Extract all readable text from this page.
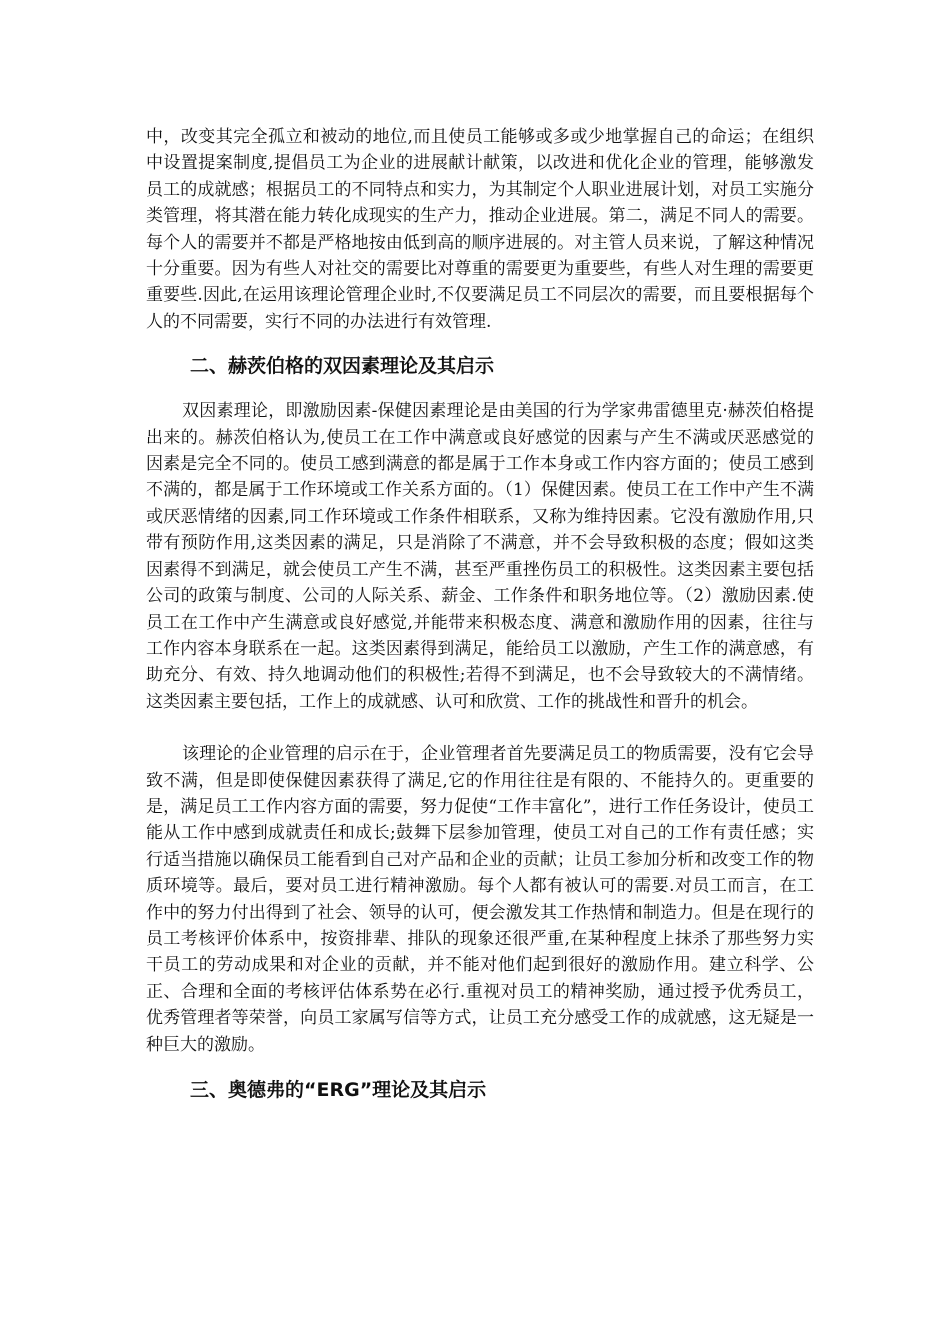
中，改变其完全孤立和被动的地位,而且使员工能够或多或少地掌握自己的命运；在组织中设置提案制度,提倡员工为企业的进展献计献策，以改进和优化企业的管理，能够激发员工的成就感；根据员工的不同特点和实力，为其制定个人职业进展计划，对员工实施分类管理，将其潜在能力转化成现实的生产力，推动企业进展。第二，满足不同人的需要。每个人的需要并不都是严格地按由低到高的顺序进展的。对主管人员来说，了解这种情况十分重要。因为有些人对社交的需要比对尊重的需要更为重要些，有些人对生理的需要更重要些.因此,在运用该理论管理企业时,不仅要满足员工不同层次的需要，而且要根据每个人的不同需要，实行不同的办法进行有效管理.

二、赫茨伯格的双因素理论及其启示

双因素理论，即激励因素-保健因素理论是由美国的行为学家弗雷德里克·赫茨伯格提出来的。赫茨伯格认为,使员工在工作中满意或良好感觉的因素与产生不满或厌恶感觉的因素是完全不同的。使员工感到满意的都是属于工作本身或工作内容方面的；使员工感到不满的，都是属于工作环境或工作关系方面的。（1）保健因素。使员工在工作中产生不满或厌恶情绪的因素,同工作环境或工作条件相联系，又称为维持因素。它没有激励作用,只带有预防作用,这类因素的满足，只是消除了不满意，并不会导致积极的态度；假如这类因素得不到满足，就会使员工产生不满，甚至严重挫伤员工的积极性。这类因素主要包括公司的政策与制度、公司的人际关系、薪金、工作条件和职务地位等。（2）激励因素.使员工在工作中产生满意或良好感觉,并能带来积极态度、满意和激励作用的因素，往往与工作内容本身联系在一起。这类因素得到满足，能给员工以激励，产生工作的满意感，有助充分、有效、持久地调动他们的积极性;若得不到满足，也不会导致较大的不满情绪。这类因素主要包括，工作上的成就感、认可和欣赏、工作的挑战性和晋升的机会。

该理论的企业管理的启示在于，企业管理者首先要满足员工的物质需要，没有它会导致不满，但是即使保健因素获得了满足,它的作用往往是有限的、不能持久的。更重要的是，满足员工工作内容方面的需要，努力促使“工作丰富化”，进行工作任务设计，使员工能从工作中感到成就责任和成长;鼓舞下层参加管理，使员工对自己的工作有责任感；实行适当措施以确保员工能看到自己对产品和企业的贡献；让员工参加分析和改变工作的物质环境等。最后，要对员工进行精神激励。每个人都有被认可的需要.对员工而言，在工作中的努力付出得到了社会、领导的认可，便会激发其工作热情和制造力。但是在现行的员工考核评价体系中，按资排辈、排队的现象还很严重,在某种程度上抹杀了那些努力实干员工的劳动成果和对企业的贡献，并不能对他们起到很好的激励作用。建立科学、公正、合理和全面的考核评估体系势在必行.重视对员工的精神奖励，通过授予优秀员工，优秀管理者等荣誉，向员工家属写信等方式，让员工充分感受工作的成就感，这无疑是一种巨大的激励。

三、奥德弗的“ERG”理论及其启示
